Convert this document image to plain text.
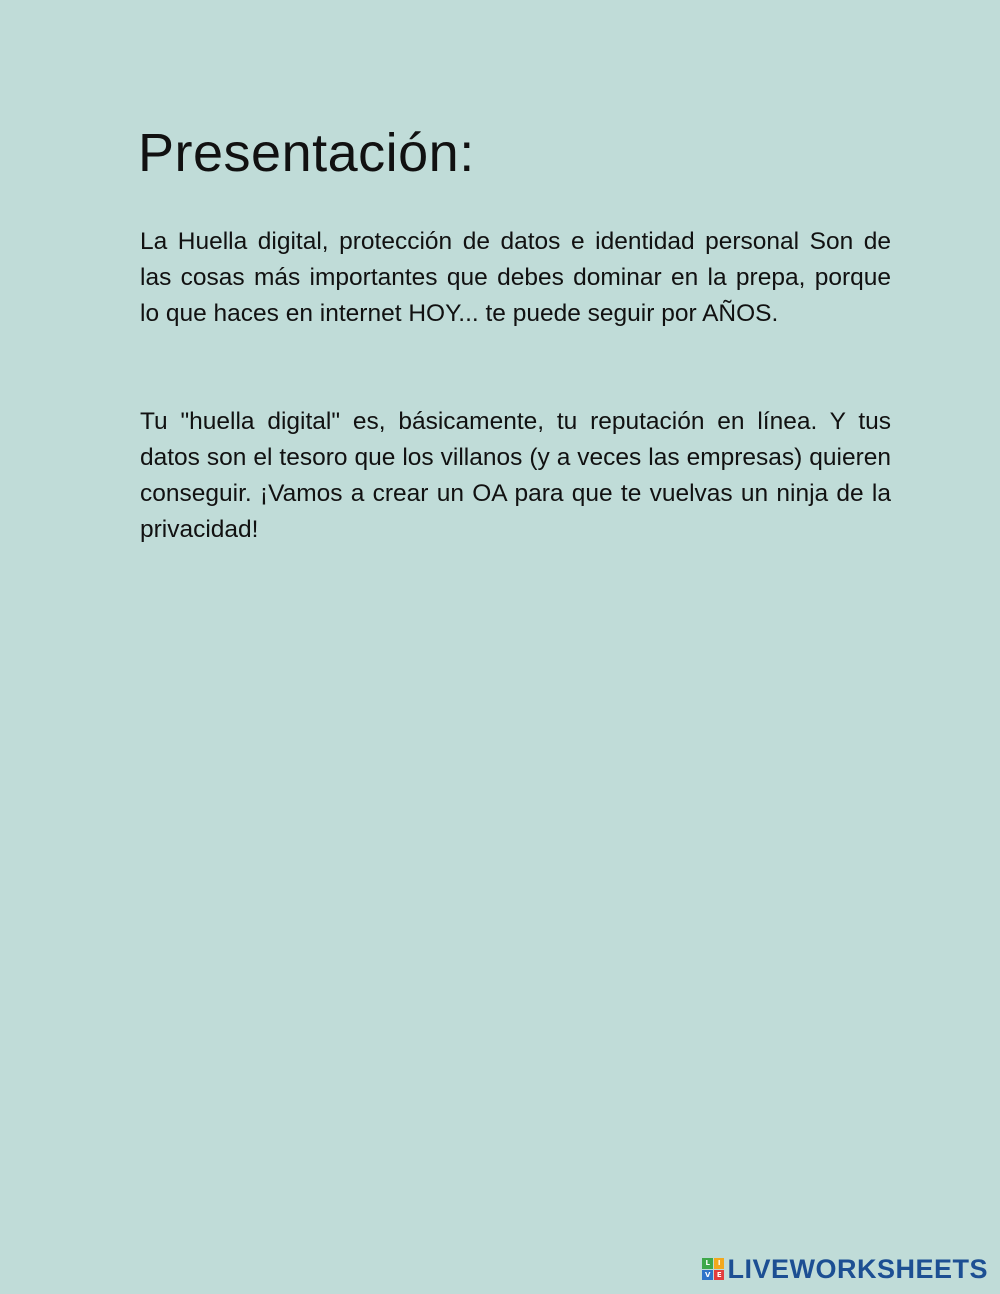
Presentación:

La Huella digital, protección de datos e identidad personal Son de las cosas más importantes que debes dominar en la prepa, porque lo que haces en internet HOY... te puede seguir por AÑOS.

Tu "huella digital" es, básicamente, tu reputación en línea. Y tus datos son el tesoro que los villanos (y a veces las empresas) quieren conseguir. ¡Vamos a crear un OA para que te vuelvas un ninja de la privacidad!

L	I
V E LIVEWORKSHEETS
